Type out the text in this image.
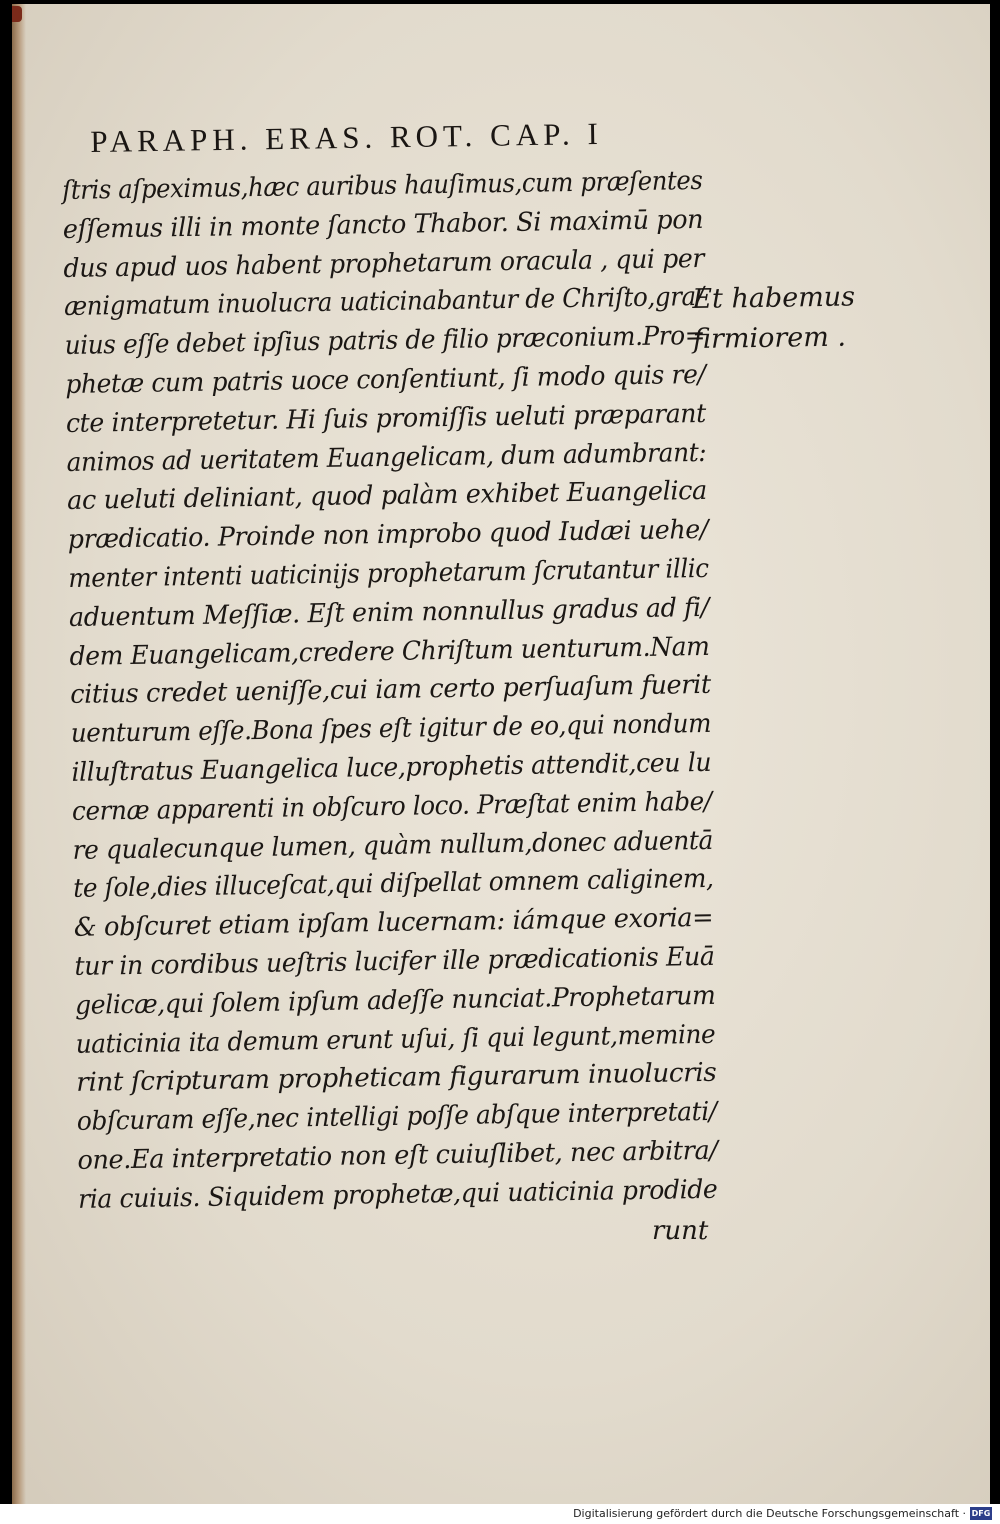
PARAPH. ERAS. ROT. CAP. I
ſtris aſpeximus,hæc auribus hauſimus,cum præſentes
eſſemus illi in monte ſancto Thabor. Si maximū pon
dus apud uos habent prophetarum oracula , qui per
ænigmatum inuolucra uaticinabantur de Chriſto,gra/
uius eſſe debet ipſius patris de filio præconium.Pro=
phetæ cum patris uoce conſentiunt, ſi modo quis re/
cte interpretetur. Hi ſuis promiſſis ueluti præparant
animos ad ueritatem Euangelicam, dum adumbrant:
ac ueluti deliniant, quod palàm exhibet Euangelica
prædicatio. Proinde non improbo quod Iudæi uehe/
menter intenti uaticinijs prophetarum ſcrutantur illic
aduentum Meſſiæ. Eſt enim nonnullus gradus ad fi/
dem Euangelicam,credere Chriſtum uenturum.Nam
citius credet ueniſſe,cui iam certo perſuaſum fuerit
uenturum eſſe.Bona ſpes eſt igitur de eo,qui nondum
illuſtratus Euangelica luce,prophetis attendit,ceu lu
cernæ apparenti in obſcuro loco. Præſtat enim habe/
re qualecunque lumen, quàm nullum,donec aduentā
te ſole,dies illuceſcat,qui diſpellat omnem caliginem,
& obſcuret etiam ipſam lucernam: iámque exoria=
tur in cordibus ueſtris lucifer ille prædicationis Euā
gelicæ,qui ſolem ipſum adeſſe nunciat.Prophetarum
uaticinia ita demum erunt uſui, ſi qui legunt,memine
rint ſcripturam propheticam figurarum inuolucris
obſcuram eſſe,nec intelligi poſſe abſque interpretati/
one.Ea interpretatio non eſt cuiuſlibet, nec arbitra/
ria cuiuis. Siquidem prophetæ,qui uaticinia prodide
Et habemus
firmiorem .
runt
Digitalisierung gefördert durch die Deutsche Forschungsgemeinschaft · DFG
